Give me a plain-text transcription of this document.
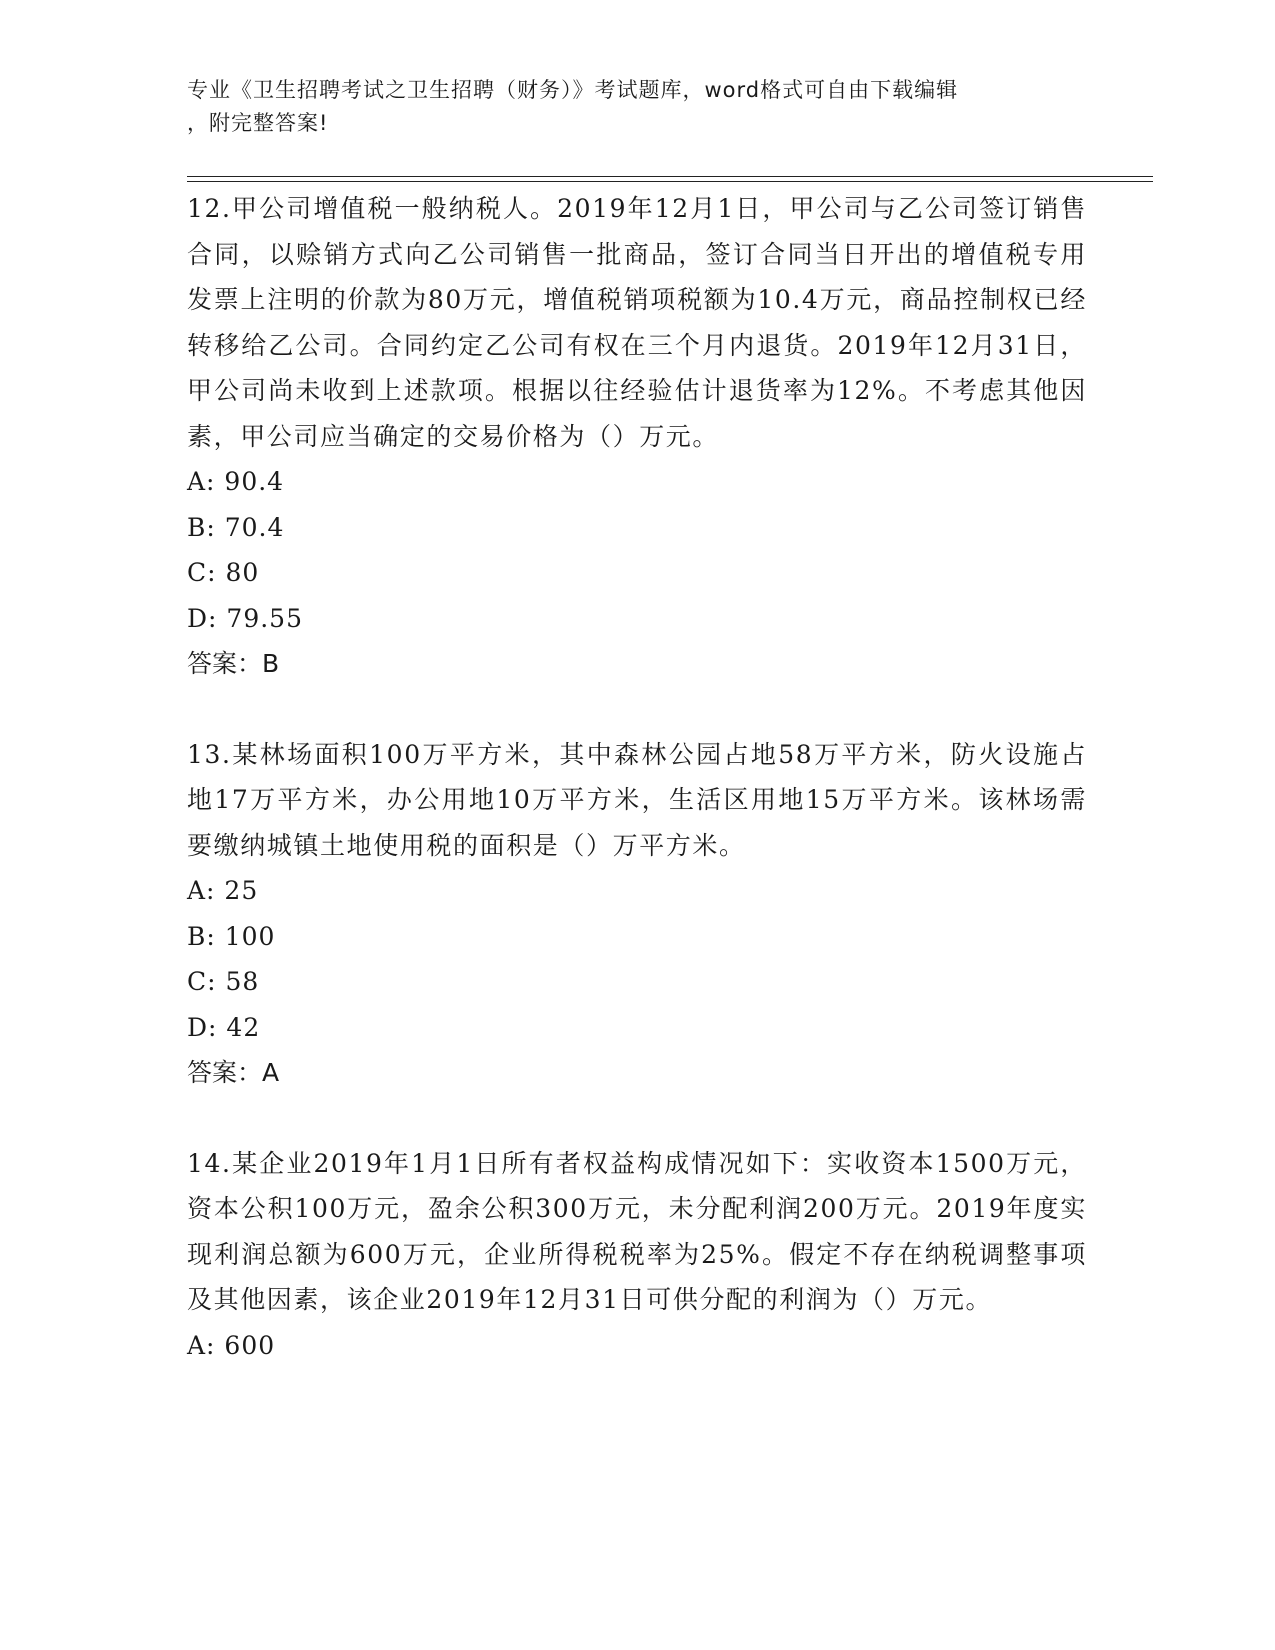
专业《卫生招聘考试之卫生招聘（财务）》考试题库，word格式可自由下载编辑
，附完整答案!

12.甲公司增值税一般纳税人。2019年12月1日，甲公司与乙公司签订销售合同，以赊销方式向乙公司销售一批商品，签订合同当日开出的增值税专用发票上注明的价款为80万元，增值税销项税额为10.4万元，商品控制权已经转移给乙公司。合同约定乙公司有权在三个月内退货。2019年12月31日，甲公司尚未收到上述款项。根据以往经验估计退货率为12%。不考虑其他因素，甲公司应当确定的交易价格为（）万元。

A: 90.4

B: 70.4

C: 80

D: 79.55

答案：B

13.某林场面积100万平方米，其中森林公园占地58万平方米，防火设施占地17万平方米，办公用地10万平方米，生活区用地15万平方米。该林场需要缴纳城镇土地使用税的面积是（）万平方米。

A: 25

B: 100

C: 58

D: 42

答案：A

14.某企业2019年1月1日所有者权益构成情况如下：实收资本1500万元，资本公积100万元，盈余公积300万元，未分配利润200万元。2019年度实现利润总额为600万元，企业所得税税率为25%。假定不存在纳税调整事项及其他因素，该企业2019年12月31日可供分配的利润为（）万元。

A: 600
